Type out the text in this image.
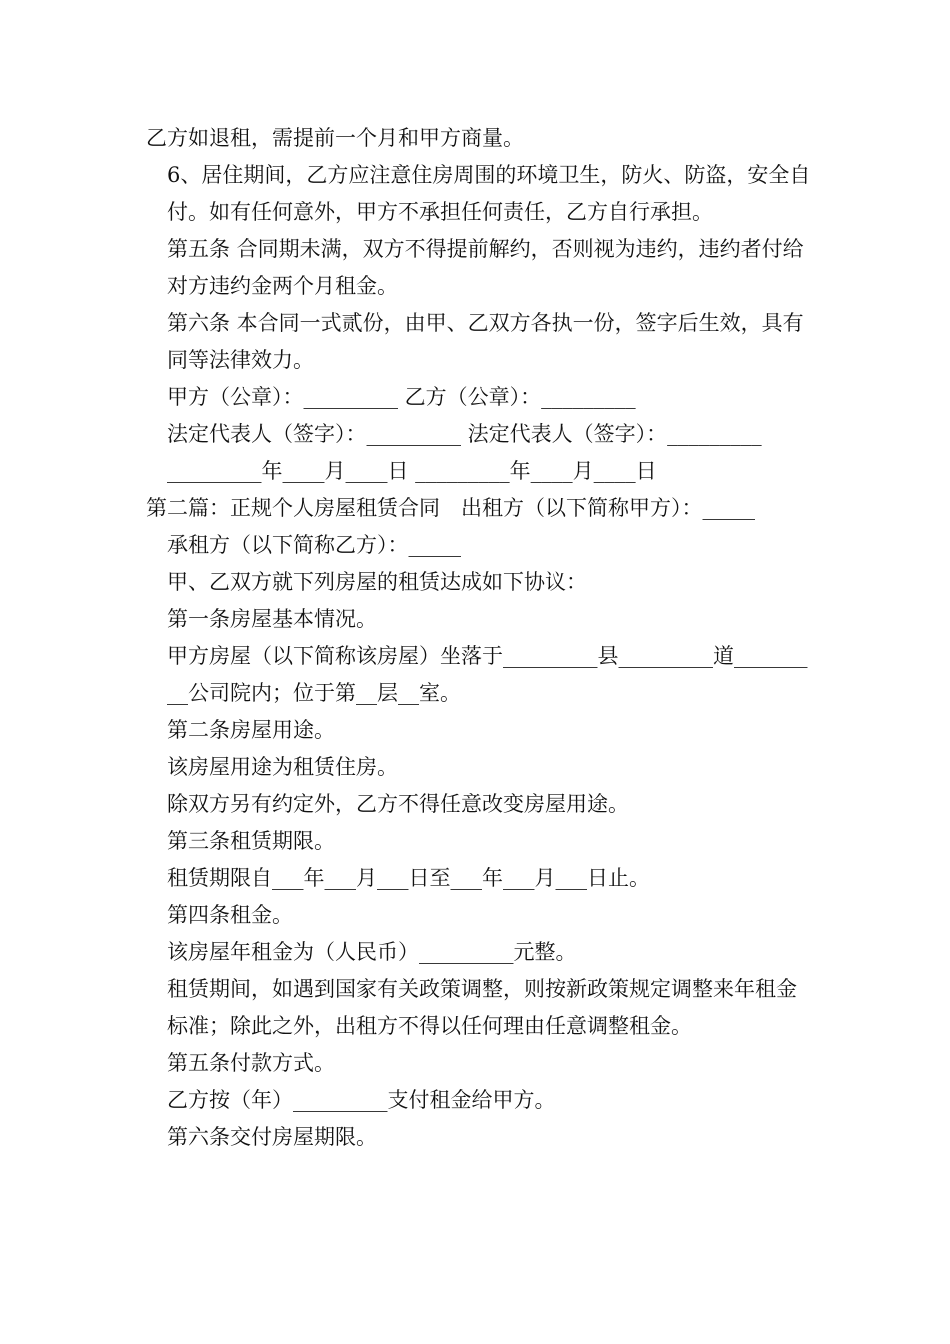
乙方如退租，需提前一个月和甲方商量。

6、居住期间，乙方应注意住房周围的环境卫生，防火、防盗，安全自付。如有任何意外，甲方不承担任何责任，乙方自行承担。

第五条 合同期未满，双方不得提前解约，否则视为违约，违约者付给对方违约金两个月租金。

第六条 本合同一式贰份，由甲、乙双方各执一份，签字后生效，具有同等法律效力。

甲方（公章）：_________ 乙方（公章）：_________

法定代表人（签字）：_________ 法定代表人（签字）：_________

_________年____月____日 _________年____月____日

第二篇：正规个人房屋租赁合同　出租方（以下简称甲方）：_____

承租方（以下简称乙方）：_____

甲、乙双方就下列房屋的租赁达成如下协议：

第一条房屋基本情况。

甲方房屋（以下简称该房屋）坐落于_________县_________道_________公司院内；位于第__层__室。

第二条房屋用途。

该房屋用途为租赁住房。

除双方另有约定外，乙方不得任意改变房屋用途。

第三条租赁期限。

租赁期限自___年___月___日至___年___月___日止。

第四条租金。

该房屋年租金为（人民币）_________元整。

租赁期间，如遇到国家有关政策调整，则按新政策规定调整来年租金标准；除此之外，出租方不得以任何理由任意调整租金。

第五条付款方式。

乙方按（年）_________支付租金给甲方。

第六条交付房屋期限。
